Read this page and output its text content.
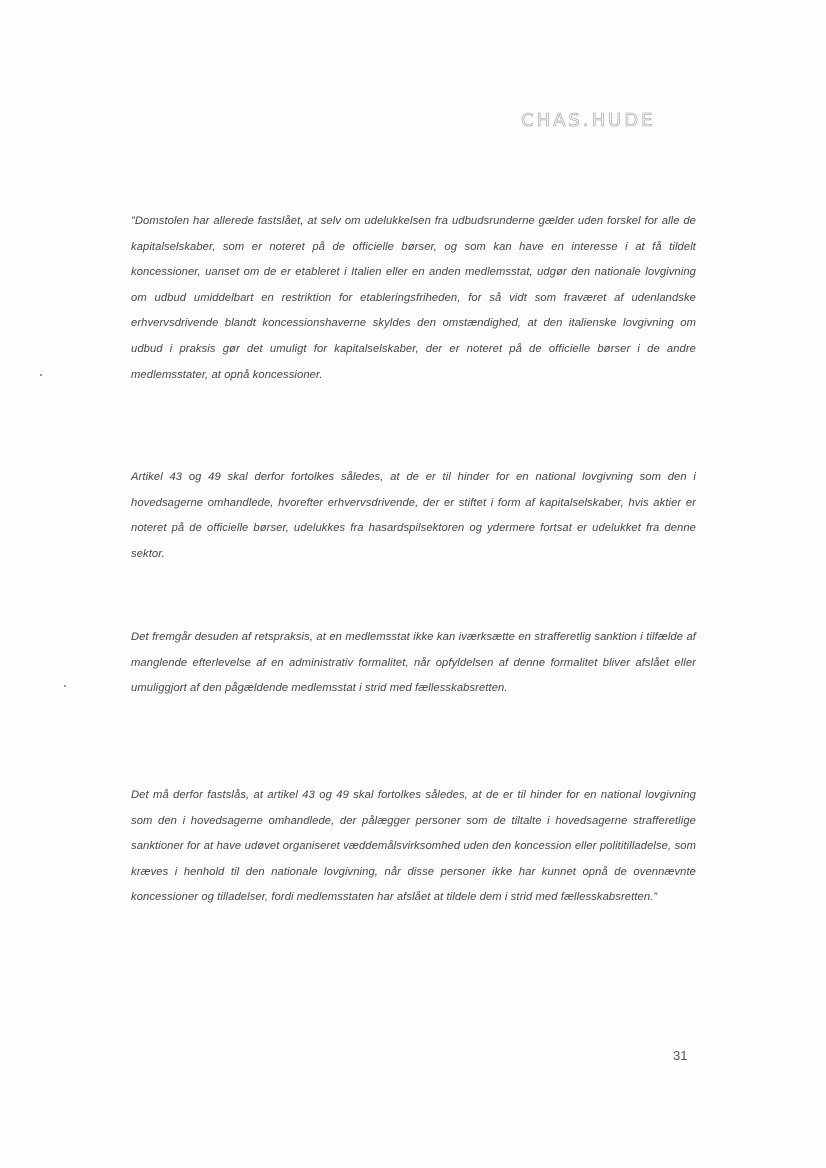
CHAS.HUDE

”Domstolen har allerede fastslået, at selv om udelukkelsen fra udbudsrunderne gælder uden forskel for alle de kapitalselskaber, som er noteret på de officielle børser, og som kan have en interesse i at få tildelt koncessioner, uanset om de er etableret i Italien eller en anden medlemsstat, udgør den nationale lovgivning om udbud umiddelbart en restriktion for etableringsfriheden, for så vidt som fraværet af udenlandske erhvervsdrivende blandt koncessionshaverne skyldes den omstændighed, at den italienske lovgivning om udbud i praksis gør det umuligt for kapitalselskaber, der er noteret på de officielle børser i de andre medlemsstater, at opnå koncessioner.

Artikel 43 og 49 skal derfor fortolkes således, at de er til hinder for en national lovgivning som den i hovedsagerne omhandlede, hvorefter erhvervsdrivende, der er stiftet i form af kapitalselskaber, hvis aktier er noteret på de officielle børser, udelukkes fra hasardspilsektoren og ydermere fortsat er udelukket fra denne sektor.

Det fremgår desuden af retspraksis, at en medlemsstat ikke kan iværksætte en strafferetlig sanktion i tilfælde af manglende efterlevelse af en administrativ formalitet, når opfyldelsen af denne formalitet bliver afslået eller umuliggjort af den pågældende medlemsstat i strid med fællesskabsretten.

Det må derfor fastslås, at artikel 43 og 49 skal fortolkes således, at de er til hinder for en national lovgivning som den i hovedsagerne omhandlede, der pålægger personer som de tiltalte i hovedsagerne strafferetlige sanktioner for at have udøvet organiseret væddemålsvirksomhed uden den koncession eller polititilladelse, som kræves i henhold til den nationale lovgivning, når disse personer ikke har kunnet opnå de ovennævnte koncessioner og tilladelser, fordi medlemsstaten har afslået at tildele dem i strid med fællesskabsretten.”

31
